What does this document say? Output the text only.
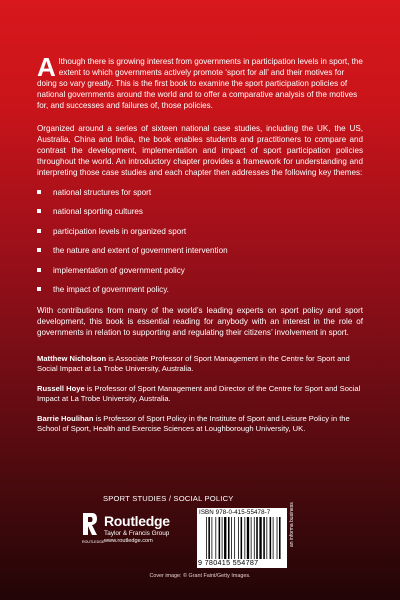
Although there is growing interest from governments in participation levels in sport, the extent to which governments actively promote ‘sport for all’ and their motives for doing so vary greatly. This is the first book to examine the sport participation policies of national governments around the world and to offer a comparative analysis of the motives for, and successes and failures of, those policies.

Organized around a series of sixteen national case studies, including the UK, the US, Australia, China and India, the book enables students and practitioners to compare and contrast the development, implementation and impact of sport participation policies throughout the world. An introductory chapter provides a framework for understanding and interpreting those case studies and each chapter then addresses the following key themes:

national structures for sport
national sporting cultures
participation levels in organized sport
the nature and extent of government intervention
implementation of government policy
the impact of government policy.

With contributions from many of the world’s leading experts on sport policy and sport development, this book is essential reading for anybody with an interest in the role of governments in relation to supporting and regulating their citizens’ involvement in sport.

Matthew Nicholson is Associate Professor of Sport Management in the Centre for Sport and Social Impact at La Trobe University, Australia.

Russell Hoye is Professor of Sport Management and Director of the Centre for Sport and Social Impact at La Trobe University, Australia.

Barrie Houlihan is Professor of Sport Policy in the Institute of Sport and Leisure Policy in the School of Sport, Health and Exercise Sciences at Loughborough University, UK.

SPORT STUDIES / SOCIAL POLICY
ROUTLEDGE
Routledge
Taylor & Francis Group
www.routledge.com
ISBN 978-0-415-55478-7
9 780415 554787
an informa business
Cover image: © Grant Faint/Getty Images.
